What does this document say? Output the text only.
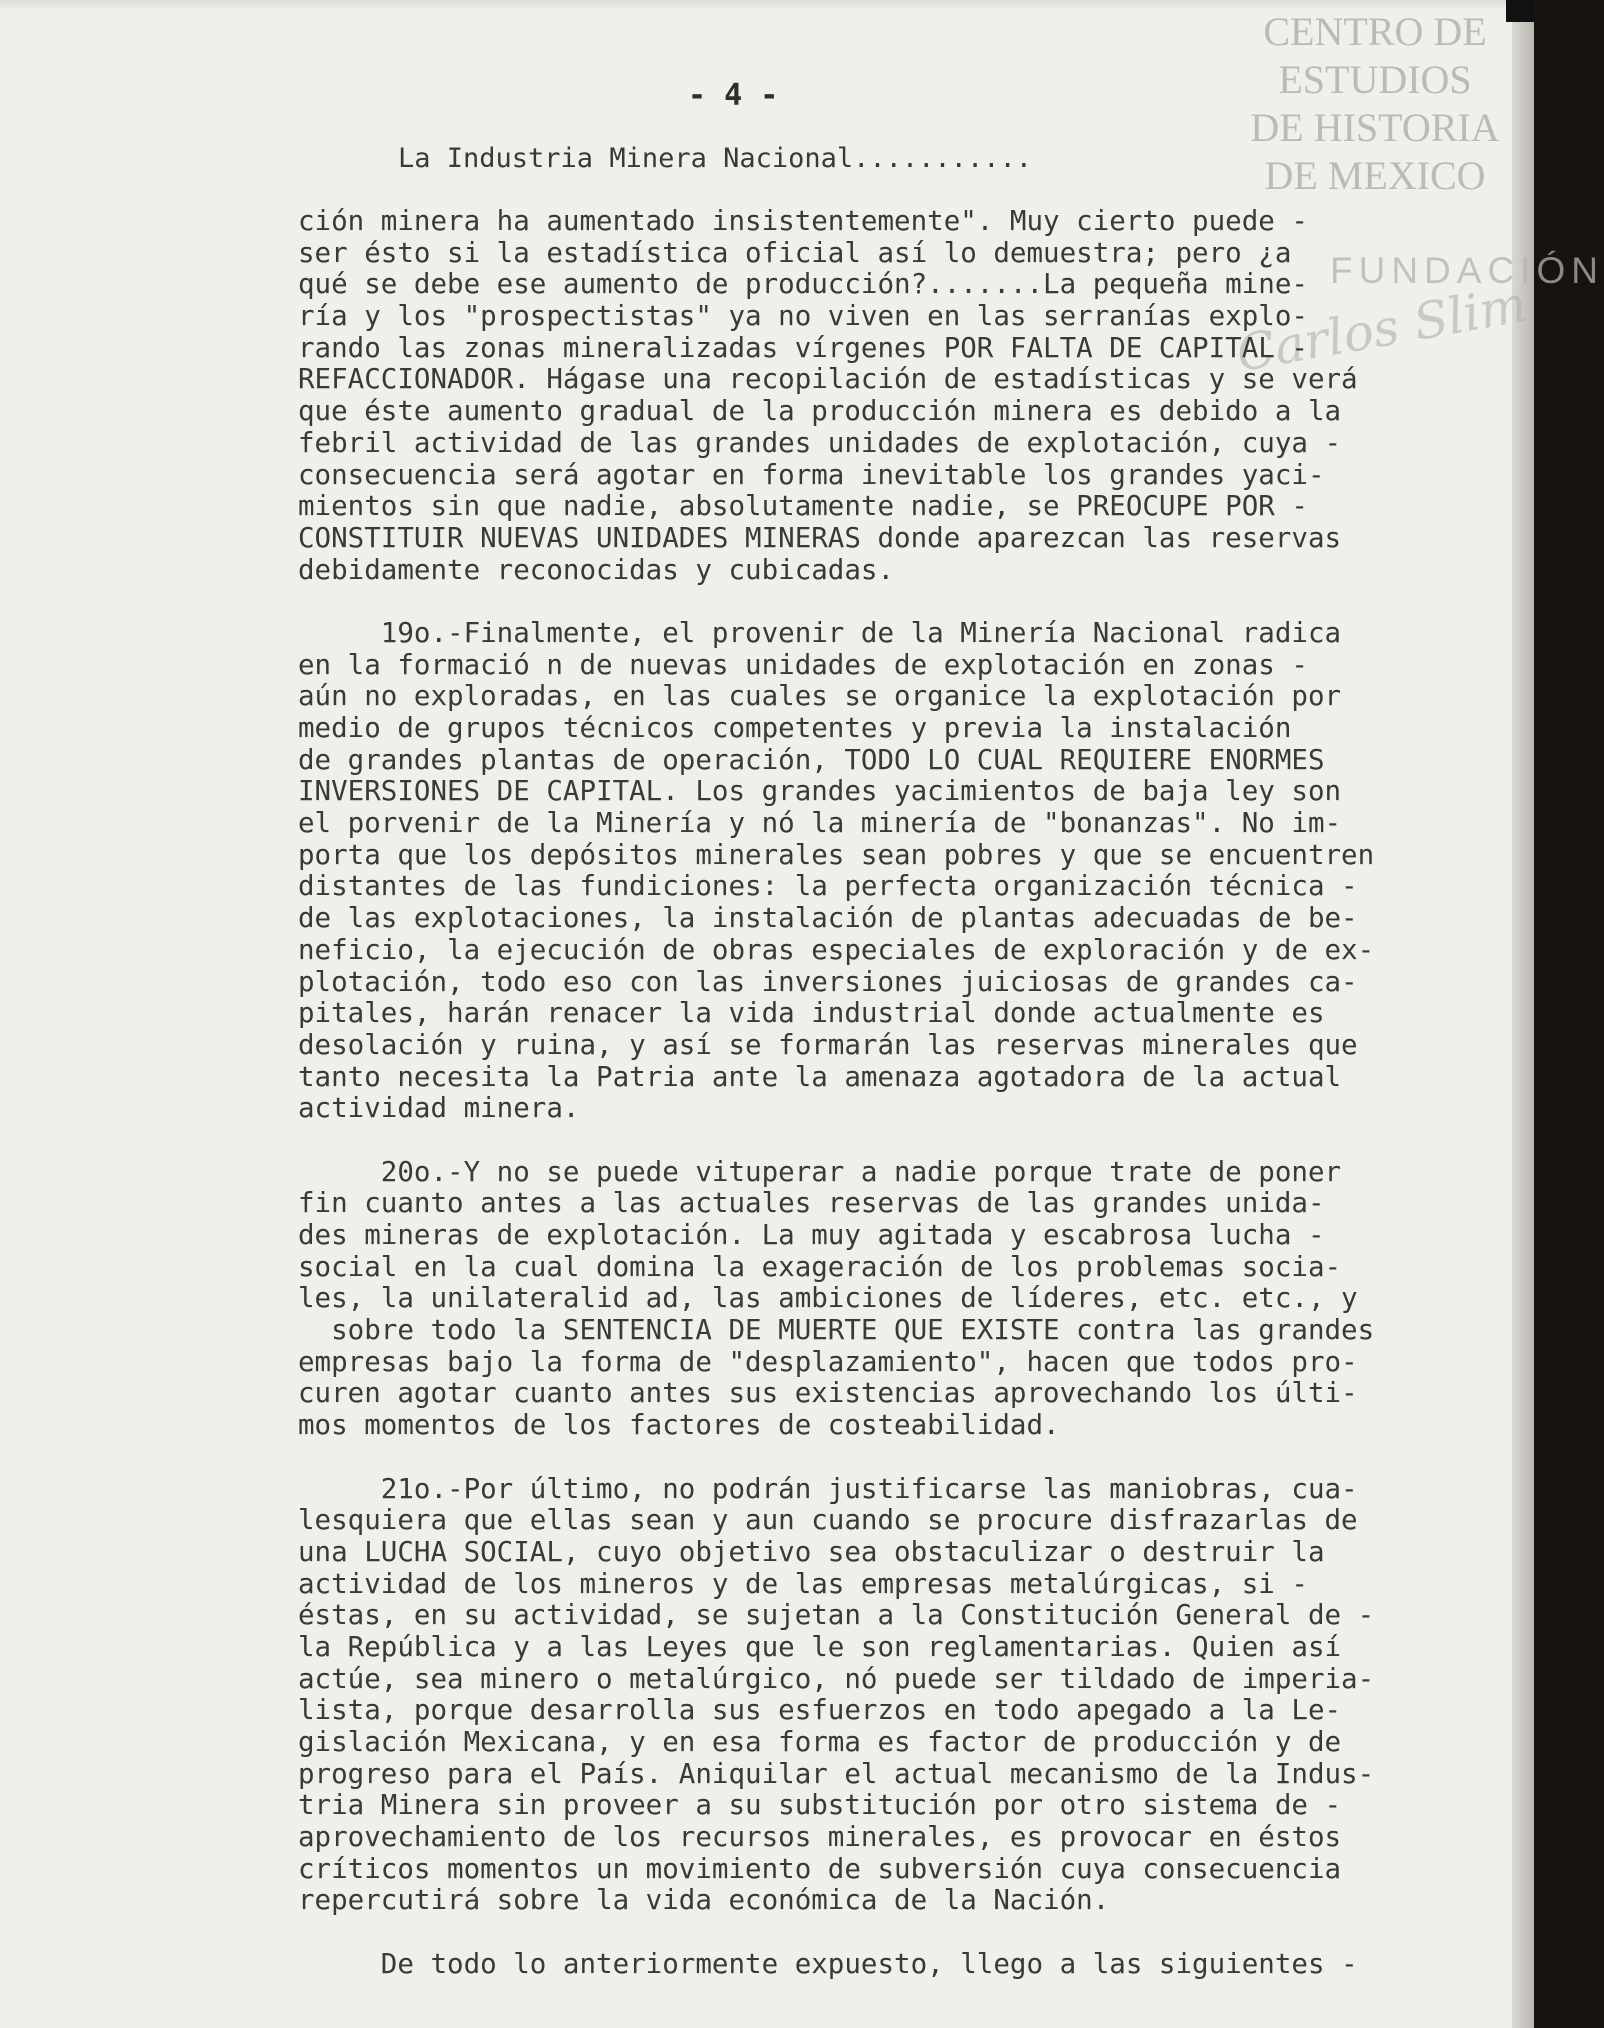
CENTRO DE
ESTUDIOS
DE HISTORIA
DE MEXICO
FUNDACIÓN
Carlos Slim
- 4 -
La Industria Minera Nacional...........
ción minera ha aumentado insistentemente". Muy cierto puede -
ser ésto si la estadística oficial así lo demuestra; pero ¿a
qué se debe ese aumento de producción?.......La pequeña mine-
ría y los "prospectistas" ya no viven en las serranías explo-
rando las zonas mineralizadas vírgenes POR FALTA DE CAPITAL -
REFACCIONADOR. Hágase una recopilación de estadísticas y se verá
que éste aumento gradual de la producción minera es debido a la
febril actividad de las grandes unidades de explotación, cuya -
consecuencia será agotar en forma inevitable los grandes yaci-
mientos sin que nadie, absolutamente nadie, se PREOCUPE POR -
CONSTITUIR NUEVAS UNIDADES MINERAS donde aparezcan las reservas
debidamente reconocidas y cubicadas.
19o.-Finalmente, el provenir de la Minería Nacional radica
en la formació n de nuevas unidades de explotación en zonas -
aún no exploradas, en las cuales se organice la explotación por
medio de grupos técnicos competentes y previa la instalación
de grandes plantas de operación, TODO LO CUAL REQUIERE ENORMES
INVERSIONES DE CAPITAL. Los grandes yacimientos de baja ley son
el porvenir de la Minería y nó la minería de "bonanzas". No im-
porta que los depósitos minerales sean pobres y que se encuentren
distantes de las fundiciones: la perfecta organización técnica -
de las explotaciones, la instalación de plantas adecuadas de be-
neficio, la ejecución de obras especiales de exploración y de ex-
plotación, todo eso con las inversiones juiciosas de grandes ca-
pitales, harán renacer la vida industrial donde actualmente es
desolación y ruina, y así se formarán las reservas minerales que
tanto necesita la Patria ante la amenaza agotadora de la actual
actividad minera.
20o.-Y no se puede vituperar a nadie porque trate de poner
fin cuanto antes a las actuales reservas de las grandes unida-
des mineras de explotación. La muy agitada y escabrosa lucha -
social en la cual domina la exageración de los problemas socia-
les, la unilateralid ad, las ambiciones de líderes, etc. etc., y
sobre todo la SENTENCIA DE MUERTE QUE EXISTE contra las grandes
empresas bajo la forma de "desplazamiento", hacen que todos pro-
curen agotar cuanto antes sus existencias aprovechando los últi-
mos momentos de los factores de costeabilidad.
21o.-Por último, no podrán justificarse las maniobras, cua-
lesquiera que ellas sean y aun cuando se procure disfrazarlas de
una LUCHA SOCIAL, cuyo objetivo sea obstaculizar o destruir la
actividad de los mineros y de las empresas metalúrgicas, si -
éstas, en su actividad, se sujetan a la Constitución General de -
la República y a las Leyes que le son reglamentarias. Quien así
actúe, sea minero o metalúrgico, nó puede ser tildado de imperia-
lista, porque desarrolla sus esfuerzos en todo apegado a la Le-
gislación Mexicana, y en esa forma es factor de producción y de
progreso para el País. Aniquilar el actual mecanismo de la Indus-
tria Minera sin proveer a su substitución por otro sistema de -
aprovechamiento de los recursos minerales, es provocar en éstos
críticos momentos un movimiento de subversión cuya consecuencia
repercutirá sobre la vida económica de la Nación.
De todo lo anteriormente expuesto, llego a las siguientes -
